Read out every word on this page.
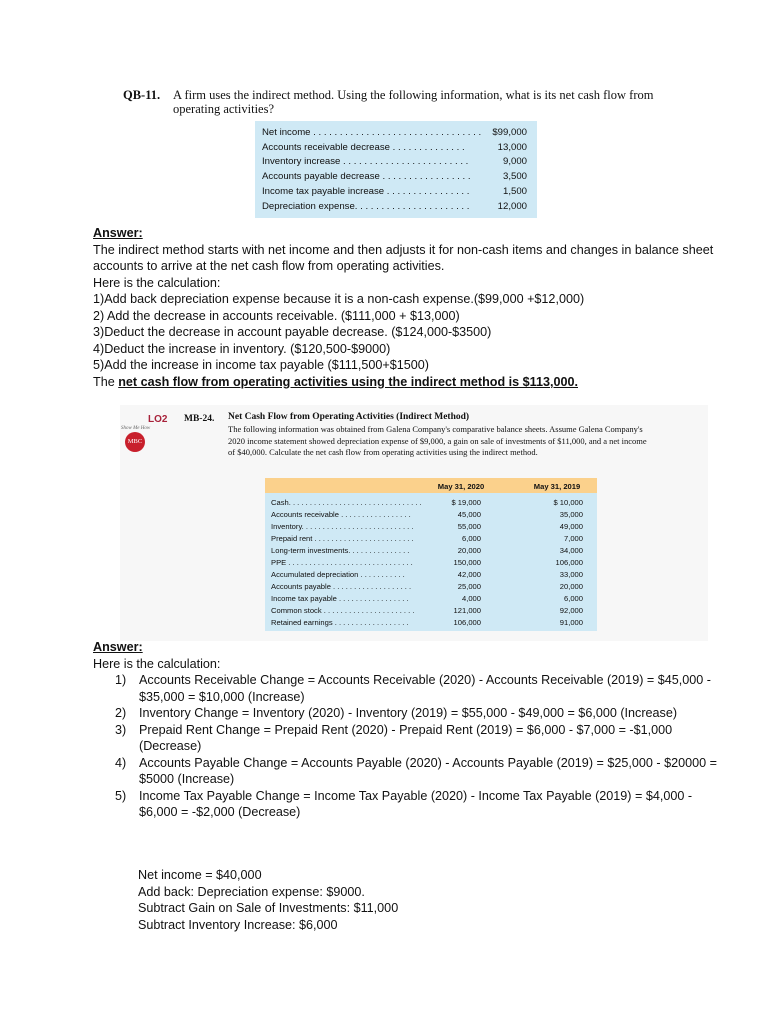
QB-11. A firm uses the indirect method. Using the following information, what is its net cash flow from operating activities?
Net income . . . . . . . . . . . . . . . . . . . . . . . . . . . . . . . .	$99,000
Accounts receivable decrease . . . . . . . . . . . . . .	13,000
Inventory increase . . . . . . . . . . . . . . . . . . . . . . . .	9,000
Accounts payable decrease . . . . . . . . . . . . . . . . .	3,500
Income tax payable increase . . . . . . . . . . . . . . . .	1,500
Depreciation expense. . . . . . . . . . . . . . . . . . . . . .	12,000
Answer:
The indirect method starts with net income and then adjusts it for non-cash items and changes in balance sheet accounts to arrive at the net cash flow from operating activities.
Here is the calculation:
1)Add back depreciation expense because it is a non-cash expense.($99,000 +$12,000)
2) Add the decrease in accounts receivable. ($111,000 + $13,000)
3)Deduct the decrease in account payable decrease. ($124,000-$3500)
4)Deduct the increase in inventory. ($120,500-$9000)
5)Add the increase in income tax payable ($111,500+$1500)
The net cash flow from operating activities using the indirect method is $113,000.
LO2 MB-24.
Show Me How
MBC
Net Cash Flow from Operating Activities (Indirect Method)
The following information was obtained from Galena Company's comparative balance sheets. Assume Galena Company's 2020 income statement showed depreciation expense of $9,000, a gain on sale of investments of $11,000, and a net income of $40,000. Calculate the net cash flow from operating activities using the indirect method.
May 31, 2020	May 31, 2019
Cash. . . . . . . . . . . . . . . . . . . . . . . . . . . . . . . .	$ 19,000	$ 10,000
Accounts receivable . . . . . . . . . . . . . . . . .	45,000	35,000
Inventory. . . . . . . . . . . . . . . . . . . . . . . . . . .	55,000	49,000
Prepaid rent . . . . . . . . . . . . . . . . . . . . . . . .	6,000	7,000
Long-term investments. . . . . . . . . . . . . . .	20,000	34,000
PPE . . . . . . . . . . . . . . . . . . . . . . . . . . . . . .	150,000	106,000
Accumulated depreciation . . . . . . . . . . .	42,000	33,000
Accounts payable . . . . . . . . . . . . . . . . . . .	25,000	20,000
Income tax payable . . . . . . . . . . . . . . . . .	4,000	6,000
Common stock . . . . . . . . . . . . . . . . . . . . . .	121,000	92,000
Retained earnings . . . . . . . . . . . . . . . . . .	106,000	91,000
Answer:
Here is the calculation:
1) Accounts Receivable Change = Accounts Receivable (2020) - Accounts Receivable (2019) = $45,000 - $35,000 = $10,000 (Increase)
2) Inventory Change = Inventory (2020) - Inventory (2019) = $55,000 - $49,000 = $6,000 (Increase)
3) Prepaid Rent Change = Prepaid Rent (2020) - Prepaid Rent (2019) = $6,000 - $7,000 = -$1,000 (Decrease)
4) Accounts Payable Change = Accounts Payable (2020) - Accounts Payable (2019) = $25,000 - $20000 = $5000 (Increase)
5) Income Tax Payable Change = Income Tax Payable (2020) - Income Tax Payable (2019) = $4,000 - $6,000 = -$2,000 (Decrease)
Net income = $40,000
Add back: Depreciation expense: $9000.
Subtract Gain on Sale of Investments: $11,000
Subtract Inventory Increase: $6,000
